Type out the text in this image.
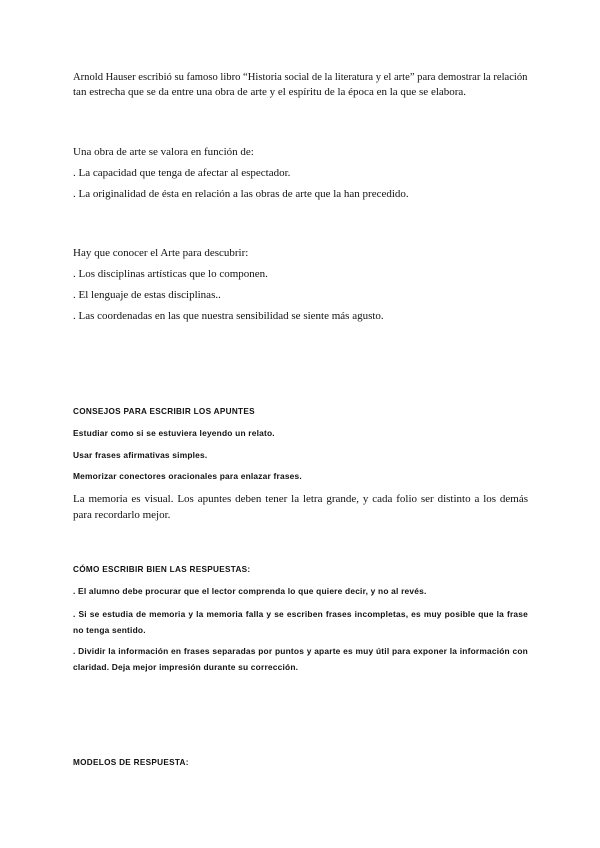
Arnold Hauser escribió su famoso libro “Historia social de la literatura y el arte” para demostrar la relación
tan estrecha que se da entre una obra de arte y el espíritu de la época en la que se elabora.
Una obra de arte se valora en función de:
. La capacidad que tenga de afectar al espectador.
. La originalidad de ésta en relación a las obras de arte que la han precedido.
Hay que conocer el Arte para descubrir:
. Los disciplinas artísticas que lo componen.
. El lenguaje de estas disciplinas..
. Las coordenadas en las que nuestra sensibilidad se siente más agusto.
CONSEJOS PARA ESCRIBIR LOS APUNTES
Estudiar como si se estuviera leyendo un relato.
Usar frases afirmativas simples.
Memorizar conectores oracionales para enlazar frases.
La memoria es visual. Los apuntes deben tener la letra grande, y cada folio ser distinto a los demás para recordarlo mejor.
CÓMO ESCRIBIR BIEN LAS RESPUESTAS:
. El alumno debe procurar que el lector comprenda lo que quiere decir, y no al revés.
. Si se estudia de memoria y la memoria falla y se escriben frases incompletas, es muy posible que la frase no tenga sentido.
. Dividir la información en frases separadas por puntos y aparte es muy útil para exponer la información con claridad. Deja mejor impresión durante su corrección.
MODELOS DE RESPUESTA:
